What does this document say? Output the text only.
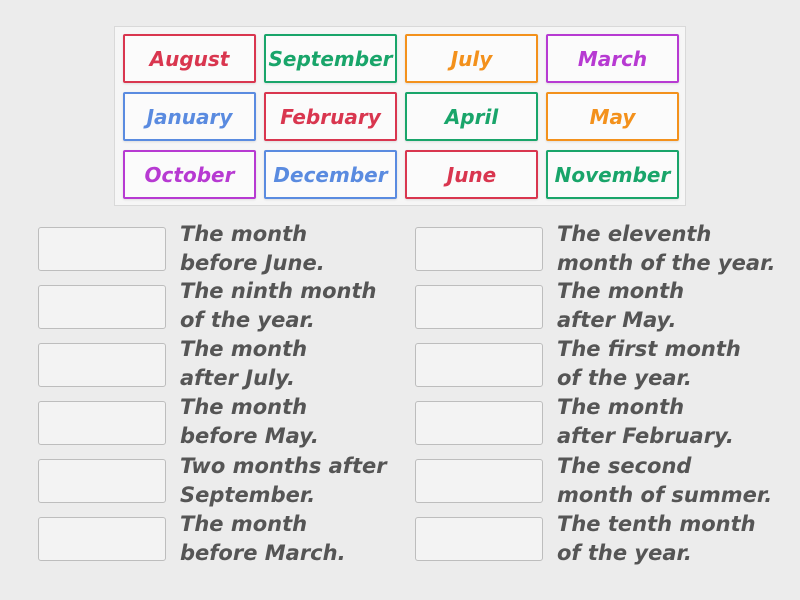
August	September	July	March
January	February	April	May
October	December	June	November
The month
before June.
The ninth month
of the year.
The month
after July.
The month
before May.
Two months after
September.
The month
before March.
The eleventh
month of the year.
The month
after May.
The first month
of the year.
The month
after February.
The second
month of summer.
The tenth month
of the year.
